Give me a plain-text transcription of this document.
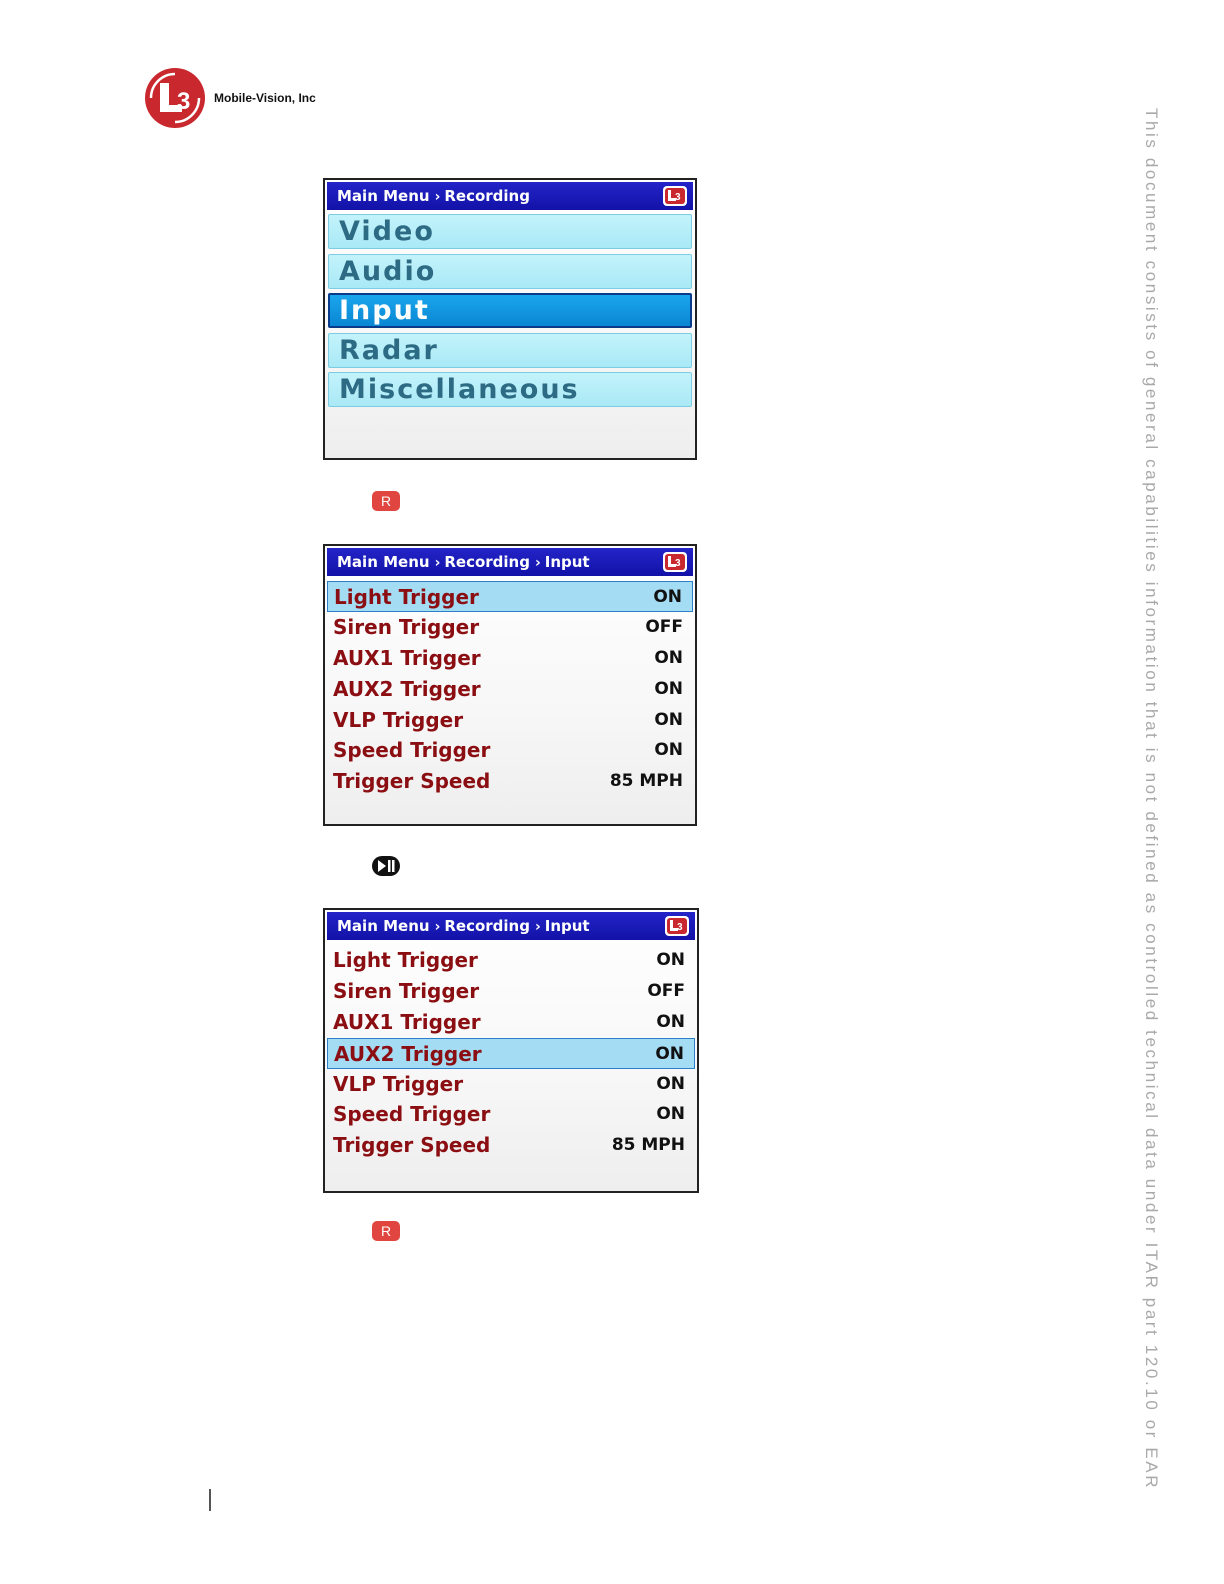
3 Mobile-Vision, Inc
Main Menu › Recording	3
Video
Audio
Input
Radar
Miscellaneous
R
Main Menu › Recording › Input	3
Light Trigger	ON
Siren Trigger	OFF
AUX1 Trigger	ON
AUX2 Trigger	ON
VLP Trigger	ON
Speed Trigger	ON
Trigger Speed	85 MPH
Main Menu › Recording › Input	3
Light Trigger	ON
Siren Trigger	OFF
AUX1 Trigger	ON
AUX2 Trigger	ON
VLP Trigger	ON
Speed Trigger	ON
Trigger Speed	85 MPH
R	This document consists of general capabilities information that is not defined as controlled technical data under ITAR part 120.10 or EAR
